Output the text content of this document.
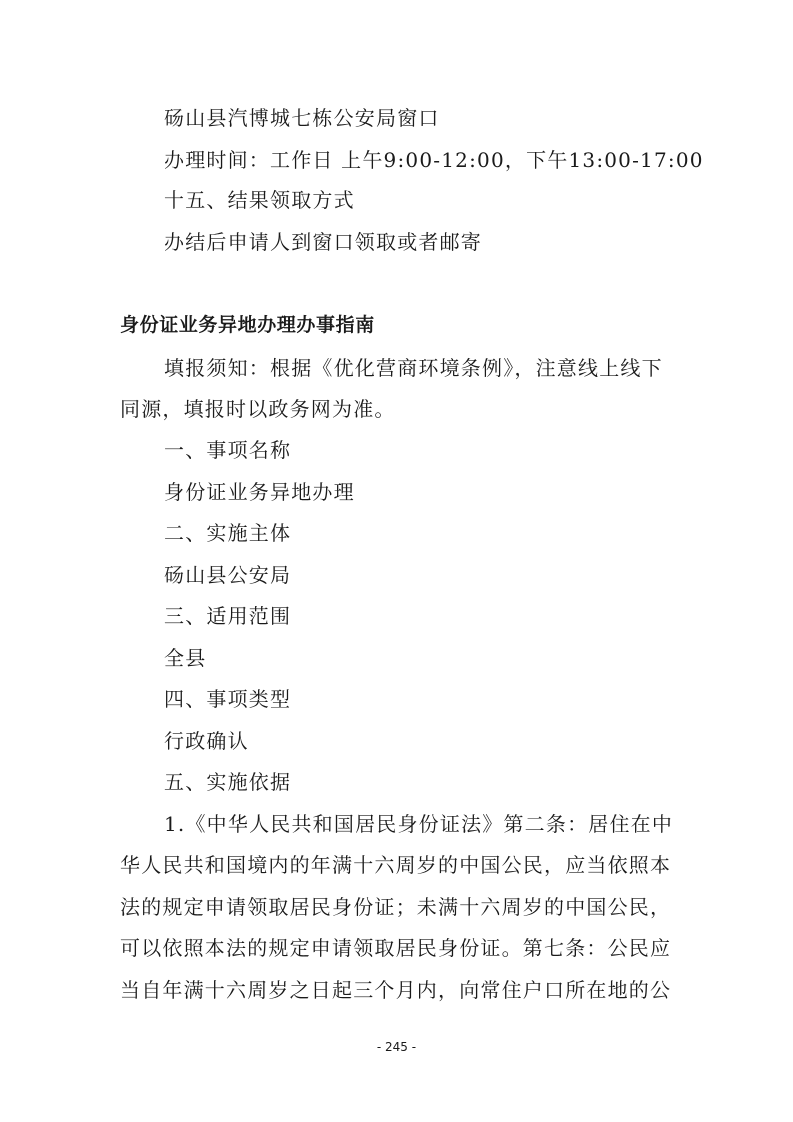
砀山县汽博城七栋公安局窗口
办理时间：工作日 上午9:00-12:00，下午13:00-17:00
十五、结果领取方式
办结后申请人到窗口领取或者邮寄
身份证业务异地办理办事指南
填报须知：根据《优化营商环境条例》，注意线上线下
同源，填报时以政务网为准。
一、事项名称
身份证业务异地办理
二、实施主体
砀山县公安局
三、适用范围
全县
四、事项类型
行政确认
五、实施依据
1.《中华人民共和国居民身份证法》第二条：居住在中
华人民共和国境内的年满十六周岁的中国公民，应当依照本
法的规定申请领取居民身份证；未满十六周岁的中国公民，
可以依照本法的规定申请领取居民身份证。第七条：公民应
当自年满十六周岁之日起三个月内，向常住户口所在地的公
- 245 -
